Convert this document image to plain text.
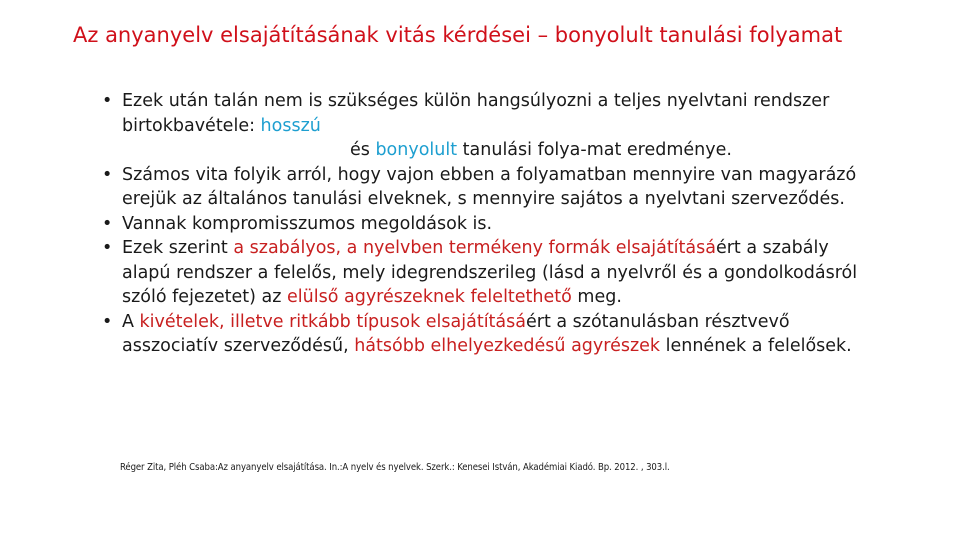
Az anyanyelv elsajátításának vitás kérdései – bonyolult tanulási folyamat
• Ezek után talán nem is szükséges külön hangsúlyozni a teljes nyelvtani rendszer birtokbavétele: hosszú
és bonyolult tanulási folya-mat eredménye.
• Számos vita folyik arról, hogy vajon ebben a folyamatban mennyire van magyarázó erejük az általános tanulási elveknek, s mennyire sajátos a nyelvtani szerveződés.
• Vannak kompromisszumos megoldások is.
• Ezek szerint a szabályos, a nyelvben termékeny formák elsajátításáért a szabály alapú rendszer a felelős, mely idegrendszerileg (lásd a nyelvről és a gondolkodásról szóló fejezetet) az elülső agyrészeknek feleltethető meg.
• A kivételek, illetve ritkább típusok elsajátításáért a szótanulásban résztvevő asszociatív szerveződésű, hátsóbb elhelyezkedésű agyrészek lennének a felelősek.
Réger Zita, Pléh Csaba:Az anyanyelv elsajátítása. In.:A nyelv és nyelvek. Szerk.: Kenesei István, Akadémiai Kiadó. Bp. 2012. , 303.l.
